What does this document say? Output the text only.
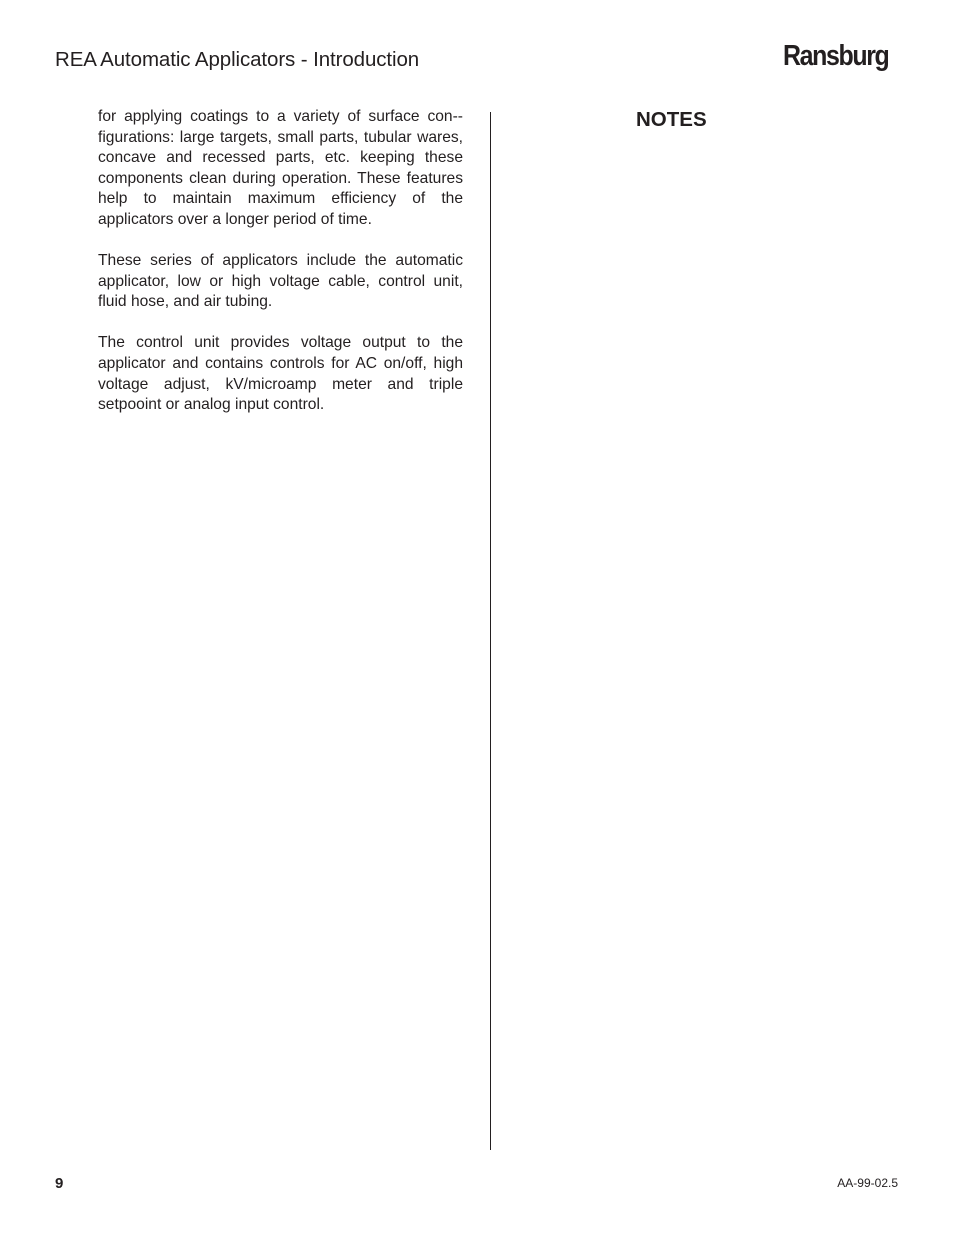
REA Automatic Applicators - Introduction	Ransburg

for applying coatings to a variety of surface con-figurations: large targets, small parts, tubular wares, concave and recessed parts, etc. keeping these components clean during operation. These features help to maintain maximum efficiency of the applicators over a longer period of time.

These series of applicators include the automatic applicator, low or high voltage cable, control unit, fluid hose, and air tubing.

The control unit provides voltage output to the applicator and contains controls for AC on/off, high voltage adjust, kV/microamp meter and triple setpooint or analog input control.

NOTES
9	AA-99-02.5
